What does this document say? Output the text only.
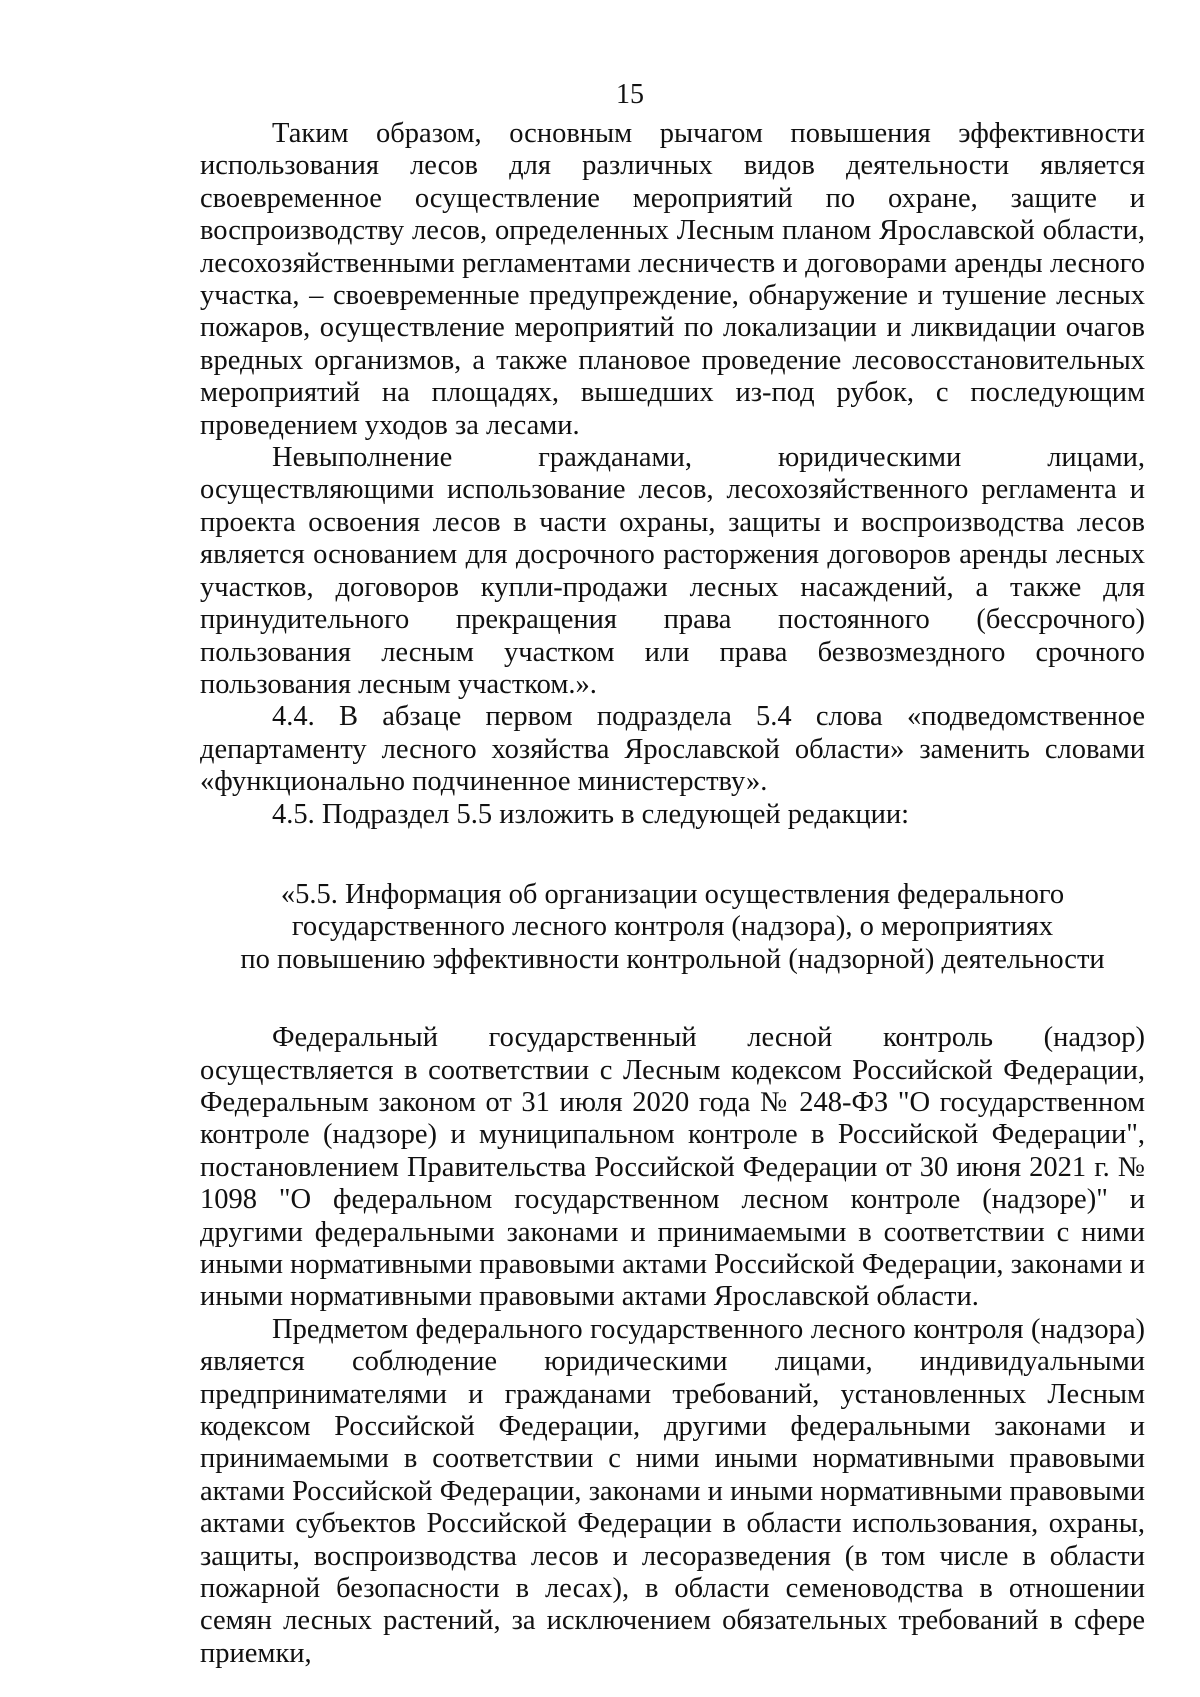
15

Таким образом, основным рычагом повышения эффективности использования лесов для различных видов деятельности является своевременное осуществление мероприятий по охране, защите и воспроизводству лесов, определенных Лесным планом Ярославской области, лесохозяйственными регламентами лесничеств и договорами аренды лесного участка, – своевременные предупреждение, обнаружение и тушение лесных пожаров, осуществление мероприятий по локализации и ликвидации очагов вредных организмов, а также плановое проведение лесовосстановительных мероприятий на площадях, вышедших из-под рубок, с последующим проведением уходов за лесами.

Невыполнение гражданами, юридическими лицами, осуществляющими использование лесов, лесохозяйственного регламента и проекта освоения лесов в части охраны, защиты и воспроизводства лесов является основанием для досрочного расторжения договоров аренды лесных участков, договоров купли-продажи лесных насаждений, а также для принудительного прекращения права постоянного (бессрочного) пользования лесным участком или права безвозмездного срочного пользования лесным участком.».

4.4. В абзаце первом подраздела 5.4 слова «подведомственное департаменту лесного хозяйства Ярославской области» заменить словами «функционально подчиненное министерству».

4.5. Подраздел 5.5 изложить в следующей редакции:

«5.5. Информация об организации осуществления федерального
государственного лесного контроля (надзора), о мероприятиях
по повышению эффективности контрольной (надзорной) деятельности

Федеральный государственный лесной контроль (надзор) осуществляется в соответствии с Лесным кодексом Российской Федерации, Федеральным законом от 31 июля 2020 года № 248-ФЗ "О государственном контроле (надзоре) и муниципальном контроле в Российской Федерации", постановлением Правительства Российской Федерации от 30 июня 2021 г. № 1098 "О федеральном государственном лесном контроле (надзоре)" и другими федеральными законами и принимаемыми в соответствии с ними иными нормативными правовыми актами Российской Федерации, законами и иными нормативными правовыми актами Ярославской области.

Предметом федерального государственного лесного контроля (надзора) является соблюдение юридическими лицами, индивидуальными предпринимателями и гражданами требований, установленных Лесным кодексом Российской Федерации, другими федеральными законами и принимаемыми в соответствии с ними иными нормативными правовыми актами Российской Федерации, законами и иными нормативными правовыми актами субъектов Российской Федерации в области использования, охраны, защиты, воспроизводства лесов и лесоразведения (в том числе в области пожарной безопасности в лесах), в области семеноводства в отношении семян лесных растений, за исключением обязательных требований в сфере приемки,
